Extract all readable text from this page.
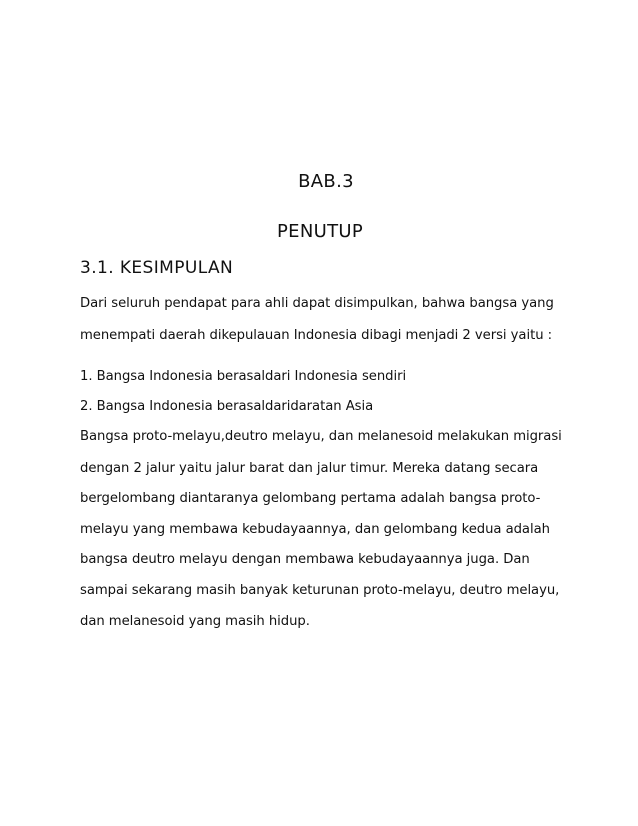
BAB.3

PENUTUP

3.1. KESIMPULAN

Dari seluruh pendapat para ahli dapat disimpulkan, bahwa bangsa yang

menempati daerah dikepulauan Indonesia dibagi menjadi 2 versi yaitu :

1. Bangsa Indonesia berasaldari Indonesia sendiri

2. Bangsa Indonesia berasaldaridaratan Asia

Bangsa proto-melayu,deutro melayu, dan melanesoid melakukan migrasi

dengan 2 jalur yaitu jalur barat dan jalur timur. Mereka datang secara

bergelombang diantaranya gelombang pertama adalah bangsa proto-

melayu yang membawa kebudayaannya, dan gelombang kedua adalah

bangsa deutro melayu dengan membawa kebudayaannya juga. Dan

sampai sekarang masih banyak keturunan proto-melayu, deutro melayu,

dan melanesoid yang masih hidup.
